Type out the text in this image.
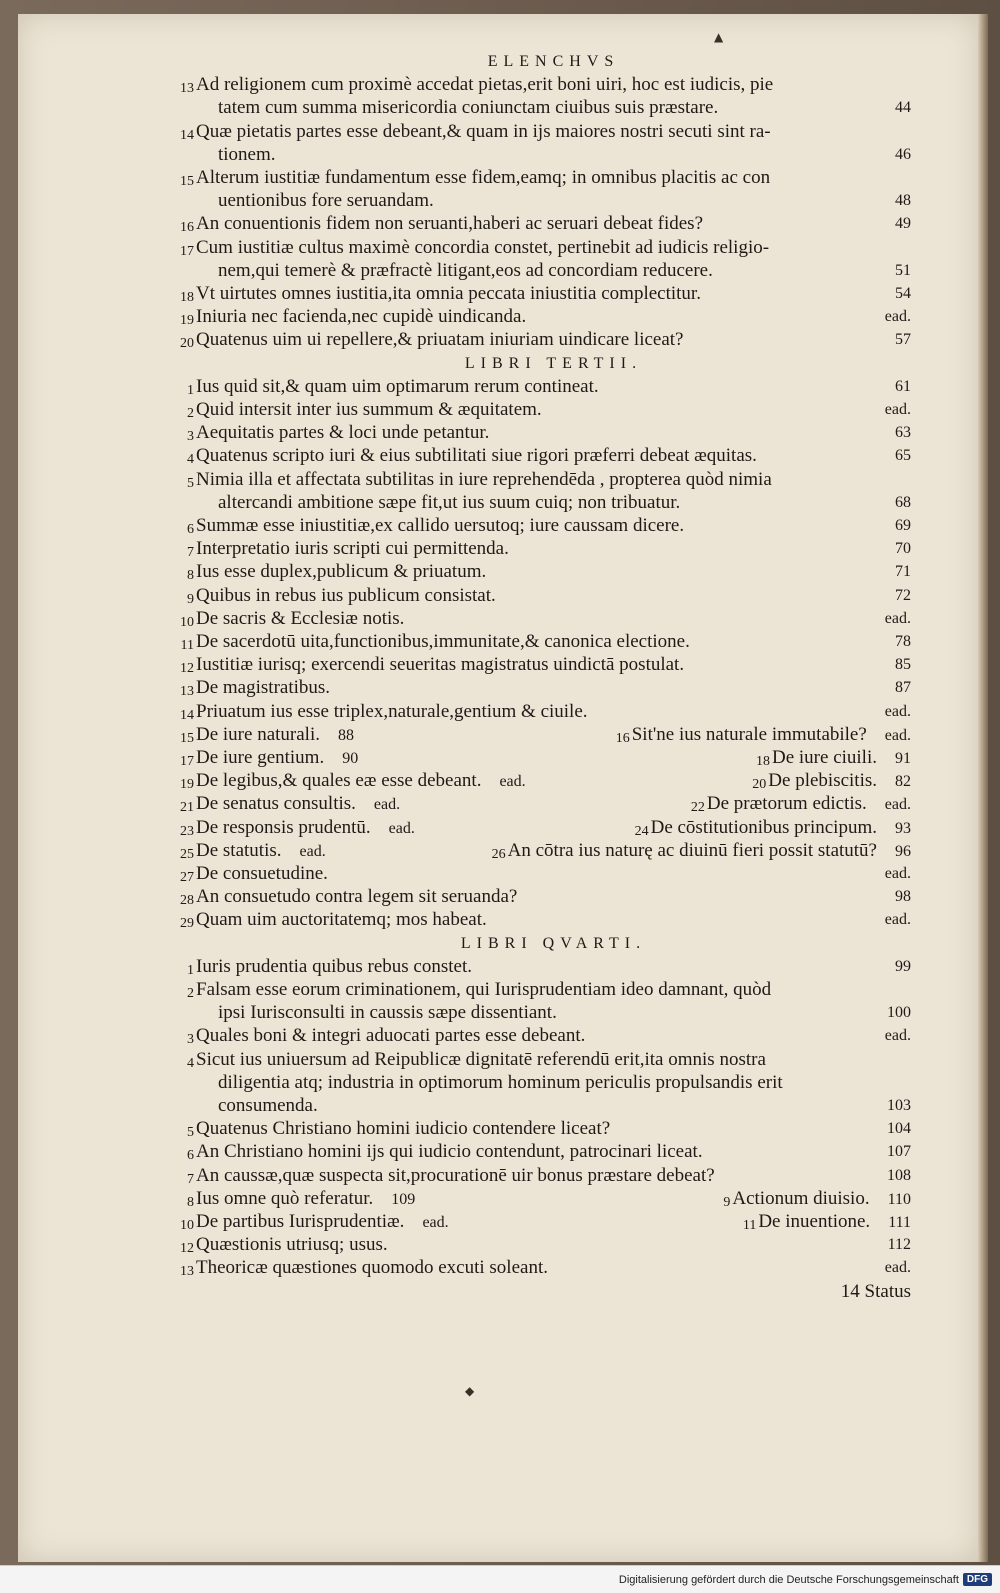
▲
◆
ELENCHVS
13 Ad religionem cum proximè accedat pietas,erit boni uiri, hoc est iudicis, pie
tatem cum summa misericordia coniunctam ciuibus suis præstare.	44
14 Quæ pietatis partes esse debeant,& quam in ijs maiores nostri secuti sint ra-
tionem.	46
15 Alterum iustitiæ fundamentum esse fidem,eamq; in omnibus placitis ac con
uentionibus fore seruandam.	48
16 An conuentionis fidem non seruanti,haberi ac seruari debeat fides?	49
17 Cum iustitiæ cultus maximè concordia constet, pertinebit ad iudicis religio-
nem,qui temerè & præfractè litigant,eos ad concordiam reducere.	51
18 Vt uirtutes omnes iustitia,ita omnia peccata iniustitia complectitur.	54
19 Iniuria nec facienda,nec cupidè uindicanda.	ead.
20 Quatenus uim ui repellere,& priuatam iniuriam uindicare liceat?	57
LIBRI TERTII.
1 Ius quid sit,& quam uim optimarum rerum contineat.	61
2 Quid intersit inter ius summum & æquitatem.	ead.
3 Aequitatis partes & loci unde petantur.	63
4 Quatenus scripto iuri & eius subtilitati siue rigori præferri debeat æquitas.	65
5 Nimia illa et affectata subtilitas in iure reprehendēda , propterea quòd nimia
altercandi ambitione sæpe fit,ut ius suum cuiq; non tribuatur.	68
6 Summæ esse iniustitiæ,ex callido uersutoq; iure caussam dicere.	69
7 Interpretatio iuris scripti cui permittenda.	70
8 Ius esse duplex,publicum & priuatum.	71
9 Quibus in rebus ius publicum consistat.	72
10 De sacris & Ecclesiæ notis.	ead.
11 De sacerdotū uita,functionibus,immunitate,& canonica electione.	78
12 Iustitiæ iurisq; exercendi seueritas magistratus uindictā postulat.	85
13 De magistratibus.	87
14 Priuatum ius esse triplex,naturale,gentium & ciuile.	ead.
15 De iure naturali. 88	16 Sit'ne ius naturale immutabile? ead.
17 De iure gentium. 90	18 De iure ciuili. 91
19 De legibus,& quales eæ esse debeant. ead.	20 De plebiscitis. 82
21 De senatus consultis. ead.	22 De prætorum edictis. ead.
23 De responsis prudentū. ead.	24 De cōstitutionibus principum. 93
25 De statutis. ead.	26 An cōtra ius naturę ac diuinū fieri possit statutū? 96
27 De consuetudine.	ead.
28 An consuetudo contra legem sit seruanda?	98
29 Quam uim auctoritatemq; mos habeat.	ead.
LIBRI QVARTI.
1 Iuris prudentia quibus rebus constet.	99
2 Falsam esse eorum criminationem, qui Iurisprudentiam ideo damnant, quòd
ipsi Iurisconsulti in caussis sæpe dissentiant.	100
3 Quales boni & integri aduocati partes esse debeant.	ead.
4 Sicut ius uniuersum ad Reipublicæ dignitatē referendū erit,ita omnis nostra
diligentia atq; industria in optimorum hominum periculis propulsandis erit
consumenda.	103
5 Quatenus Christiano homini iudicio contendere liceat?	104
6 An Christiano homini ijs qui iudicio contendunt, patrocinari liceat.	107
7 An caussæ,quæ suspecta sit,procurationē uir bonus præstare debeat?	108
8 Ius omne quò referatur. 109	9 Actionum diuisio. 110
10 De partibus Iurisprudentiæ. ead.	11 De inuentione. 111
12 Quæstionis utriusq; usus.	112
13 Theoricæ quæstiones quomodo excuti soleant.	ead.
14 Status
Digitalisierung gefördert durch die Deutsche Forschungsgemeinschaft DFG
